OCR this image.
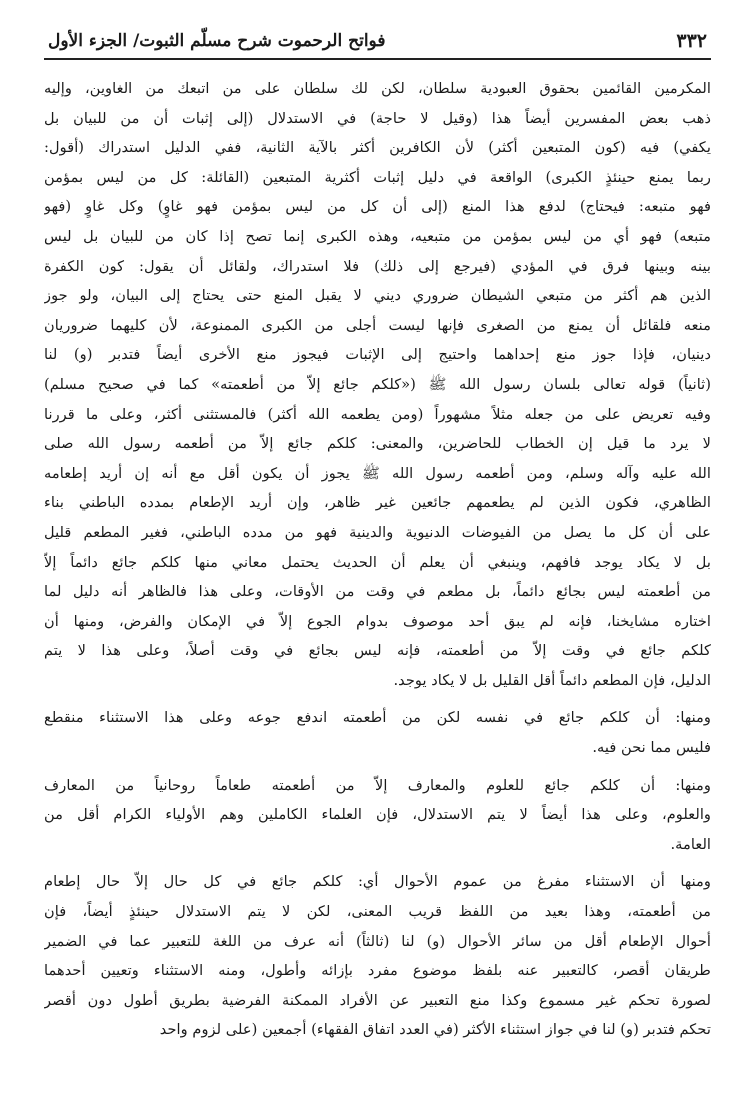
٣٣٢
فواتح الرحموت شرح مسلّم الثبوت/ الجزء الأول

المكرمين القائمين بحقوق العبودية سلطان، لكن لك سلطان على من اتبعك من الغاوين، وإليه
ذهب بعض المفسرين أيضاً هذا (وقيل لا حاجة) في الاستدلال (إلى إثبات أن من للبيان بل
يكفي) فيه (كون المتبعين أكثر) لأن الكافرين أكثر بالآية الثانية، ففي الدليل استدراك (أقول:
ربما يمنع حينئذٍ الكبرى) الواقعة في دليل إثبات أكثرية المتبعين (القائلة: كل من ليس بمؤمن
فهو متبعه: فيحتاج) لدفع هذا المنع (إلى أن كل من ليس بمؤمن فهو غاوٍ) وكل غاوٍ (فهو
متبعه) فهو أي من ليس بمؤمن من متبعيه، وهذه الكبرى إنما تصح إذا كان من للبيان بل ليس
بينه وبينها فرق في المؤدي (فيرجع إلى ذلك) فلا استدراك، ولقائل أن يقول: كون الكفرة
الذين هم أكثر من متبعي الشيطان ضروري ديني لا يقبل المنع حتى يحتاج إلى البيان، ولو جوز
منعه فلقائل أن يمنع من الصغرى فإنها ليست أجلى من الكبرى الممنوعة، لأن كليهما ضروريان
دينيان، فإذا جوز منع إحداهما واحتيج إلى الإثبات فيجوز منع الأخرى أيضاً فتدبر (و) لنا
(ثانياً) قوله تعالى بلسان رسول الله ﷺ («كلكم جائع إلاّ من أطعمته» كما في صحيح مسلم)
وفيه تعريض على من جعله مثلاً مشهوراً (ومن يطعمه الله أكثر) فالمستثنى أكثر، وعلى ما قررنا
لا يرد ما قيل إن الخطاب للحاضرين، والمعنى: كلكم جائع إلاّ من أطعمه رسول الله صلى
الله عليه وآله وسلم، ومن أطعمه رسول الله ﷺ يجوز أن يكون أقل مع أنه إن أريد إطعامه
الظاهري، فكون الذين لم يطعمهم جائعين غير ظاهر، وإن أريد الإطعام بمدده الباطني بناء
على أن كل ما يصل من الفيوضات الدنيوية والدينية فهو من مدده الباطني، فغير المطعم قليل
بل لا يكاد يوجد فافهم، وينبغي أن يعلم أن الحديث يحتمل معاني منها كلكم جائع دائماً إلاّ
من أطعمته ليس بجائع دائماً، بل مطعم في وقت من الأوقات، وعلى هذا فالظاهر أنه دليل لما
اختاره مشايخنا، فإنه لم يبق أحد موصوف بدوام الجوع إلاّ في الإمكان والفرض، ومنها أن
كلكم جائع في وقت إلاّ من أطعمته، فإنه ليس بجائع في وقت أصلاً، وعلى هذا لا يتم
الدليل، فإن المطعم دائماً أقل القليل بل لا يكاد يوجد.

ومنها: أن كلكم جائع في نفسه لكن من أطعمته اندفع جوعه وعلى هذا الاستثناء منقطع
فليس مما نحن فيه.

ومنها: أن كلكم جائع للعلوم والمعارف إلاّ من أطعمته طعاماً روحانياً من المعارف
والعلوم، وعلى هذا أيضاً لا يتم الاستدلال، فإن العلماء الكاملين وهم الأولياء الكرام أقل من
العامة.

ومنها أن الاستثناء مفرغ من عموم الأحوال أي: كلكم جائع في كل حال إلاّ حال إطعام
من أطعمته، وهذا بعيد من اللفظ قريب المعنى، لكن لا يتم الاستدلال حينئذٍ أيضاً، فإن
أحوال الإطعام أقل من سائر الأحوال (و) لنا (ثالثاً) أنه عرف من اللغة للتعبير عما في الضمير
طريقان أقصر، كالتعبير عنه بلفظ موضوع مفرد بإزائه وأطول، ومنه الاستثناء وتعيين أحدهما
لصورة تحكم غير مسموع وكذا منع التعبير عن الأفراد الممكنة الفرضية بطريق أطول دون أقصر
تحكم فتدبر (و) لنا في جواز استثناء الأكثر (في العدد اتفاق الفقهاء) أجمعين (على لزوم واحد
